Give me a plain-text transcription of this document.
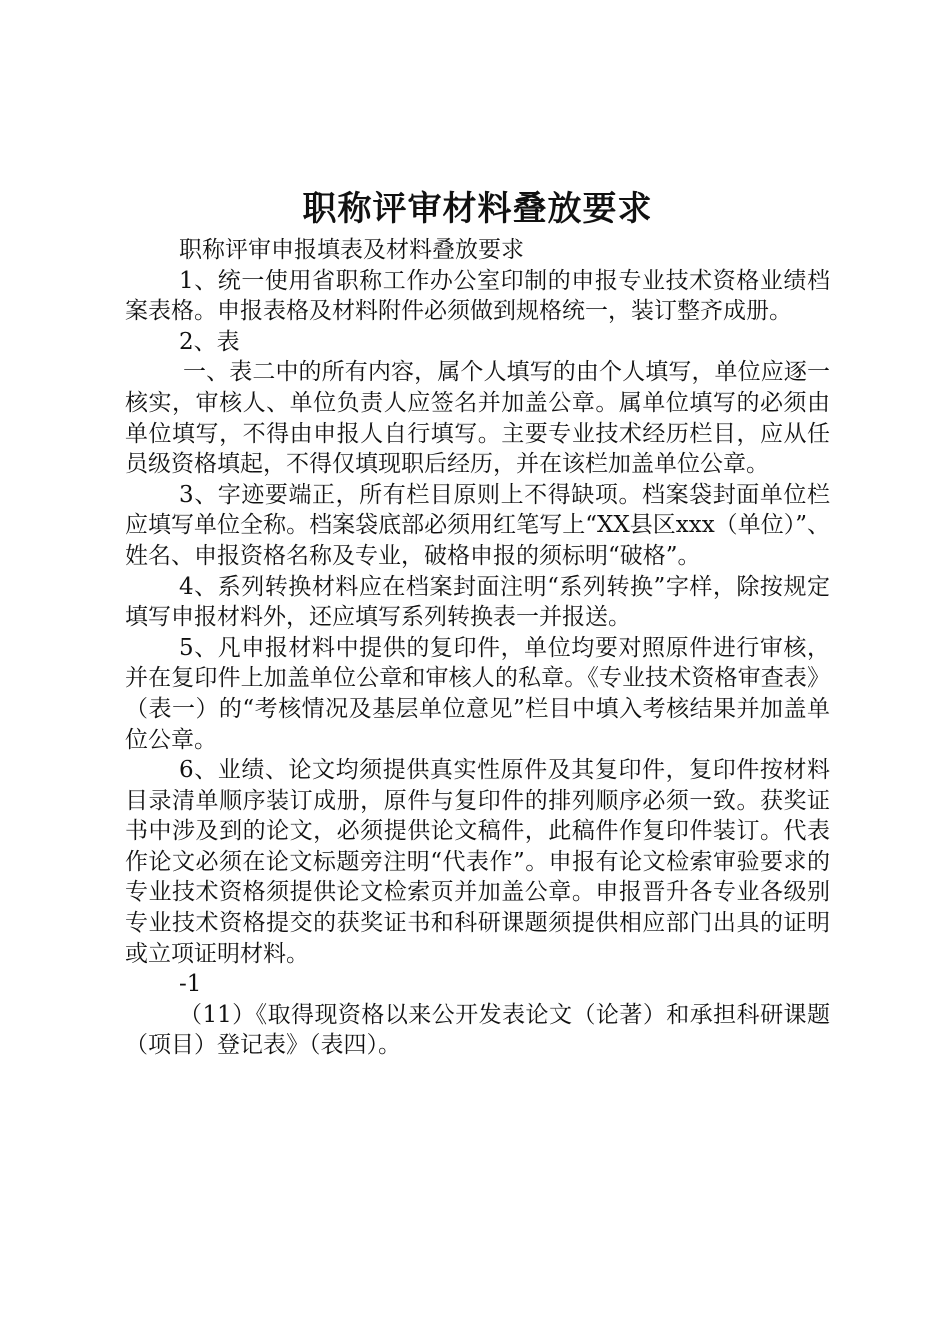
职称评审材料叠放要求

职称评审申报填表及材料叠放要求

1、统一使用省职称工作办公室印制的申报专业技术资格业绩档案表格。申报表格及材料附件必须做到规格统一，装订整齐成册。

2、表

一、表二中的所有内容，属个人填写的由个人填写，单位应逐一核实，审核人、单位负责人应签名并加盖公章。属单位填写的必须由单位填写，不得由申报人自行填写。主要专业技术经历栏目，应从任员级资格填起，不得仅填现职后经历，并在该栏加盖单位公章。

3、字迹要端正，所有栏目原则上不得缺项。档案袋封面单位栏应填写单位全称。档案袋底部必须用红笔写上“XX县区xxx（单位）”、姓名、申报资格名称及专业，破格申报的须标明“破格”。

4、系列转换材料应在档案封面注明“系列转换”字样，除按规定填写申报材料外，还应填写系列转换表一并报送。

5、凡申报材料中提供的复印件，单位均要对照原件进行审核，并在复印件上加盖单位公章和审核人的私章。《专业技术资格审查表》（表一）的“考核情况及基层单位意见”栏目中填入考核结果并加盖单位公章。

6、业绩、论文均须提供真实性原件及其复印件，复印件按材料目录清单顺序装订成册，原件与复印件的排列顺序必须一致。获奖证书中涉及到的论文，必须提供论文稿件，此稿件作复印件装订。代表作论文必须在论文标题旁注明“代表作”。申报有论文检索审验要求的专业技术资格须提供论文检索页并加盖公章。申报晋升各专业各级别专业技术资格提交的获奖证书和科研课题须提供相应部门出具的证明或立项证明材料。

-1

（11）《取得现资格以来公开发表论文（论著）和承担科研课题（项目）登记表》（表四）。
